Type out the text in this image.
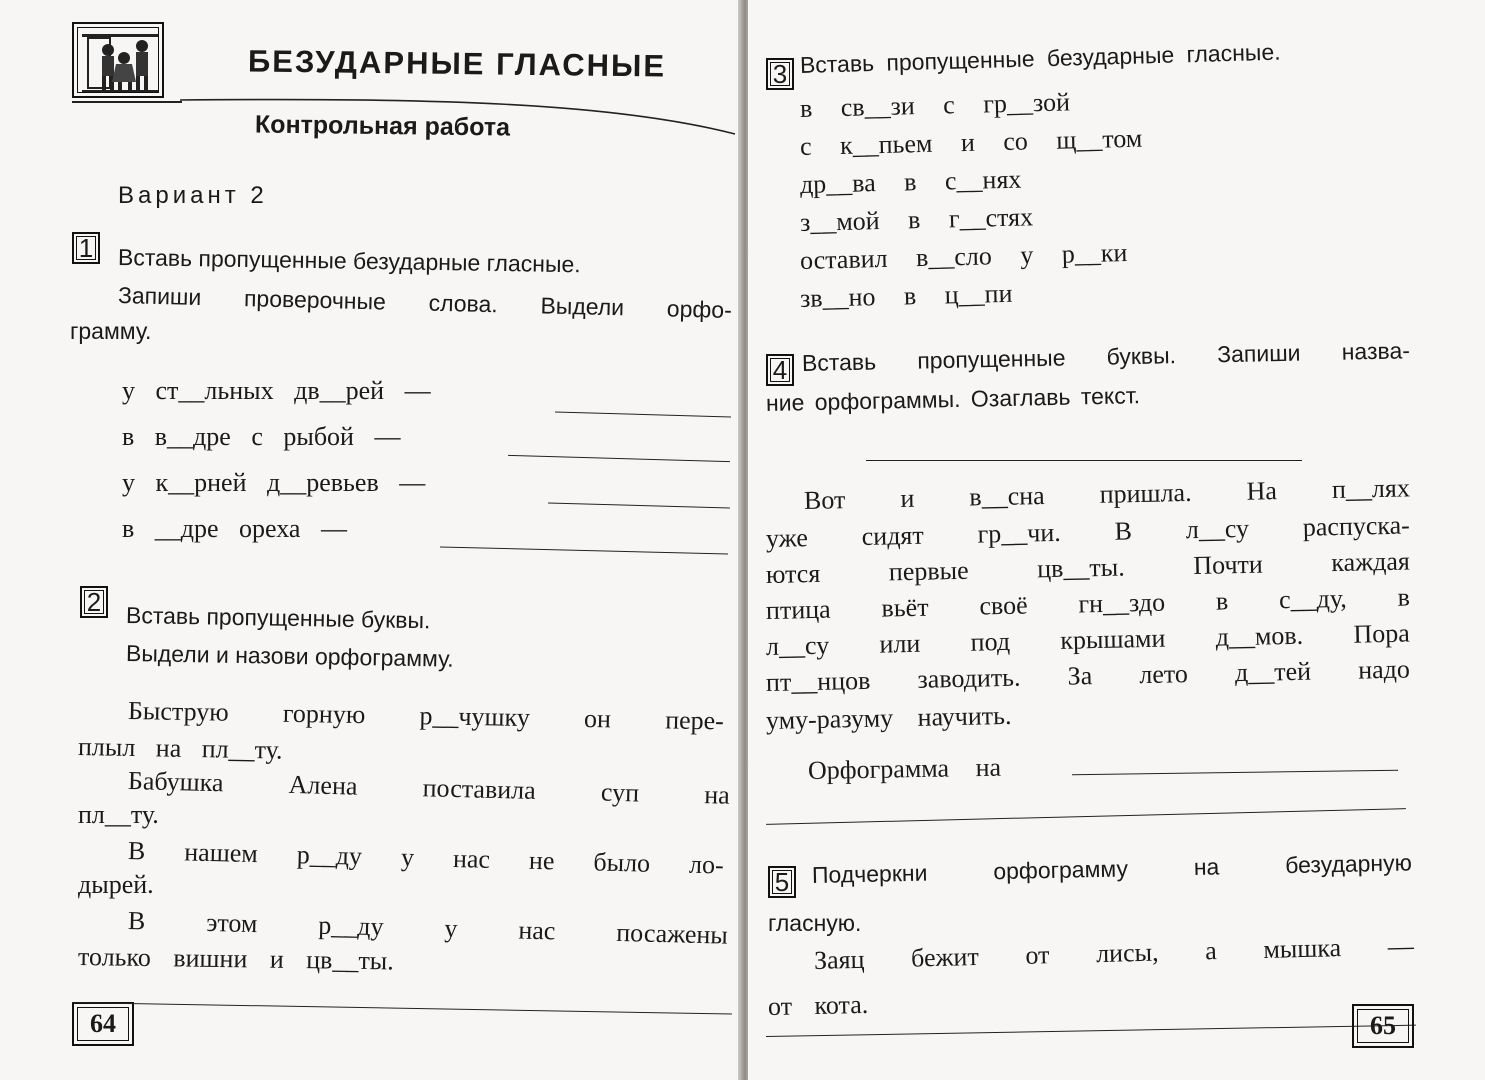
БЕЗУДАРНЫЕ ГЛАСНЫЕ
Контрольная работа
Вариант 2
1 Вставь пропущенные безударные гласные.
Запиши проверочные слова. Выдели орфо-
грамму.
у ст__льных дв__рей —
в в__дре с рыбой —
у к__рней д__ревьев —
в __дре ореха —
2
Вставь пропущенные буквы.
Выдели и назови орфограмму.
Быструю горную р__чушку он пере-
плыл на пл__ту.
Бабушка Алена поставила суп на
пл__ту.
В нашем р__ду у нас не было ло-
дырей.
В этом р__ду у нас посажены
только вишни и цв__ты.
64
3 Вставь пропущенные безударные гласные.
в св__зи с гр__зой
с к__пьем и со щ__том
др__ва в с__нях
з__мой в г__стях
оставил в__сло у р__ки
зв__но в ц__пи
4 Вставь пропущенные буквы. Запиши назва-
ние орфограммы. Озаглавь текст.
Вот и в__сна пришла. На п__лях
уже сидят гр__чи. В л__су распуска-
ются	первые	цв__ты.	Почти	каждая
птица вьёт своё гн__здо в с__ду, в
л__су или под крышами д__мов. Пора
пт__нцов заводить. За лето д__тей надо
уму-разуму научить.
Орфограмма на
5 Подчеркни	орфограмму	на	безударную
гласную.
Заяц бежит от лисы, а мышка —
от кота.
65
